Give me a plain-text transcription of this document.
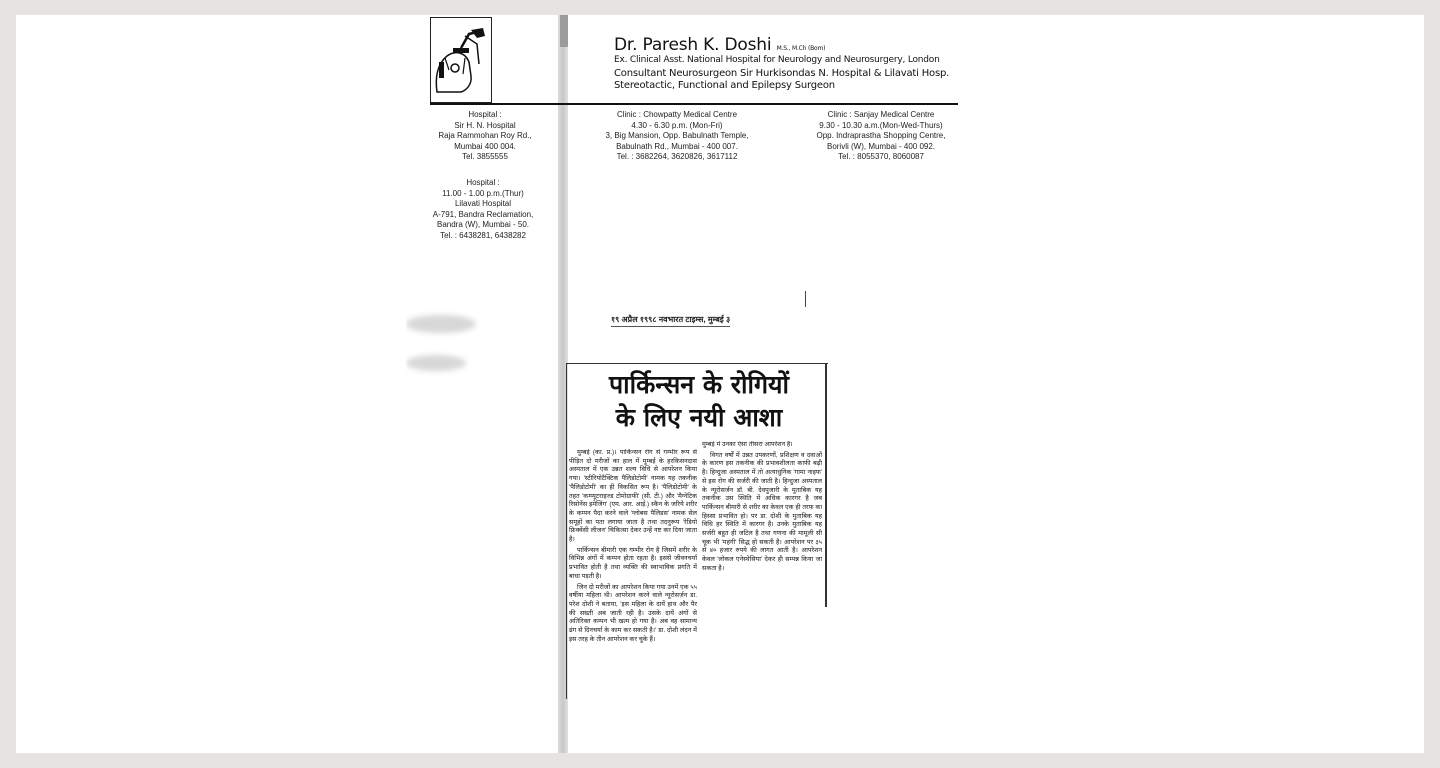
Dr. Paresh K. Doshi M.S., M.Ch (Bom)
Ex. Clinical Asst. National Hospital for Neurology and Neurosurgery, London
Consultant Neurosurgeon Sir Hurkisondas N. Hospital & Lilavati Hosp.
Stereotactic, Functional and Epilepsy Surgeon
Hospital :
Sir H. N. Hospital
Raja Rammohan Roy Rd.,
Mumbai 400 004.
Tel. 3855555
Clinic : Chowpatty Medical Centre
4.30 - 6.30 p.m. (Mon-Fri)
3, Big Mansion, Opp. Babulnath Temple,
Babulnath Rd., Mumbai - 400 007.
Tel. : 3682264, 3620826, 3617112
Clinic : Sanjay Medical Centre
9.30 - 10.30 a.m.(Mon-Wed-Thurs)
Opp. Indraprastha Shopping Centre,
Borivli (W), Mumbai - 400 092.
Tel. : 8055370, 8060087
Hospital :
11.00 - 1.00 p.m.(Thur)
Lilavati Hospital
A-791, Bandra Reclamation,
Bandra (W), Mumbai - 50.
Tel. : 6438281, 6438282
१९ अप्रैल १९९८ नवभारत टाइम्स, मुम्बई ३
पार्किन्सन के रोगियों
के लिए नयी आशा

मुम्बई (का. प्र.)। पार्किन्सन रोग से गम्भीर रूप से पीड़ित दो मरीजों का हाल में मुम्बई के हरकिसनदास अस्पताल में एक उन्नत शल्य विधि से आपरेशन किया गया। 'स्टीरियोटैक्टिक पैलिडोटोमी' नामक यह तकनीक 'पैलिडोटोमी' का ही विकसित रूप है। 'पैलिडोटोमी' के तहत 'कम्प्यूटराइज्ड टोमोग्राफी' (सी. टी.) और 'मैग्नेटिक रिसोनेंस इमेजिंग' (एम. आर. आई.) स्कैन के जरिये शरीर के कम्पन पैदा करने वाले 'ग्लोबस पैलिडस' नामक सेल समूहों का पता लगाया जाता है तथा तदनुरूप 'रेडियो फ्रिक्वेंसी लीजन' चिकित्सा देकर उन्हें नष्ट कर दिया जाता है।

पार्किन्सन बीमारी एक गम्भीर रोग है जिसमें शरीर के विभिन्न अंगों में कम्पन होता रहता है। इससे जीवनचर्या प्रभावित होती है तथा व्यक्ति की स्वाभाविक प्रगति में बाधा पड़ती है।

जिन दो मरीजों का आपरेशन किया गया उनमें एक ५५ वर्षीया महिला थी। आपरेशन करने वाले न्यूरोसर्जन डा. परेश दोशी ने बताया, 'इस महिला के दायें हाथ और पैर की सख्ती अब जाती रही है। उसके दायें अंगों से अतिरिक्त कम्पन भी खत्म हो गया है। अब वह सामान्य ढंग से दिनचर्या के काम कर सकती है।' डा. दोशी लंदन में इस तरह के तीन आपरेशन कर चुके हैं।

मुम्बई में उनका ऐसा तीसरा आपरेशन है।

विगत वर्षों में उन्नत उपकरणों, प्रशिक्षण व दवाओं के कारण इस तकनीक की प्रभावशीलता काफी बढ़ी है। हिन्दुजा अस्पताल में तो अत्याधुनिक 'गामा नाइफ' से इस रोग की सर्जरी की जाती है। हिन्दुजा अस्पताल के न्यूरोसर्जन डॉ. बी. देवपुजारी के मुताबिक यह तकनीक उस स्थिति में अधिक कारगर है जब पार्किन्सन बीमारी से शरीर का केवल एक ही तरफ का हिस्सा प्रभावित हो। पर डा. दोशी के मुताबिक यह विधि हर स्थिति में कारगर है। उनके मुताबिक यह सर्जरी बहुत ही जटिल है तथा गणना की मामूली सी चूक भी 'महंगी' सिद्ध हो सकती है। आपरेशन पर ३५ से ४० हजार रुपये की लागत आती है। आपरेशन केवल 'लोकल एनेस्थेसिया' देकर ही सम्पन्न किया जा सकता है।
